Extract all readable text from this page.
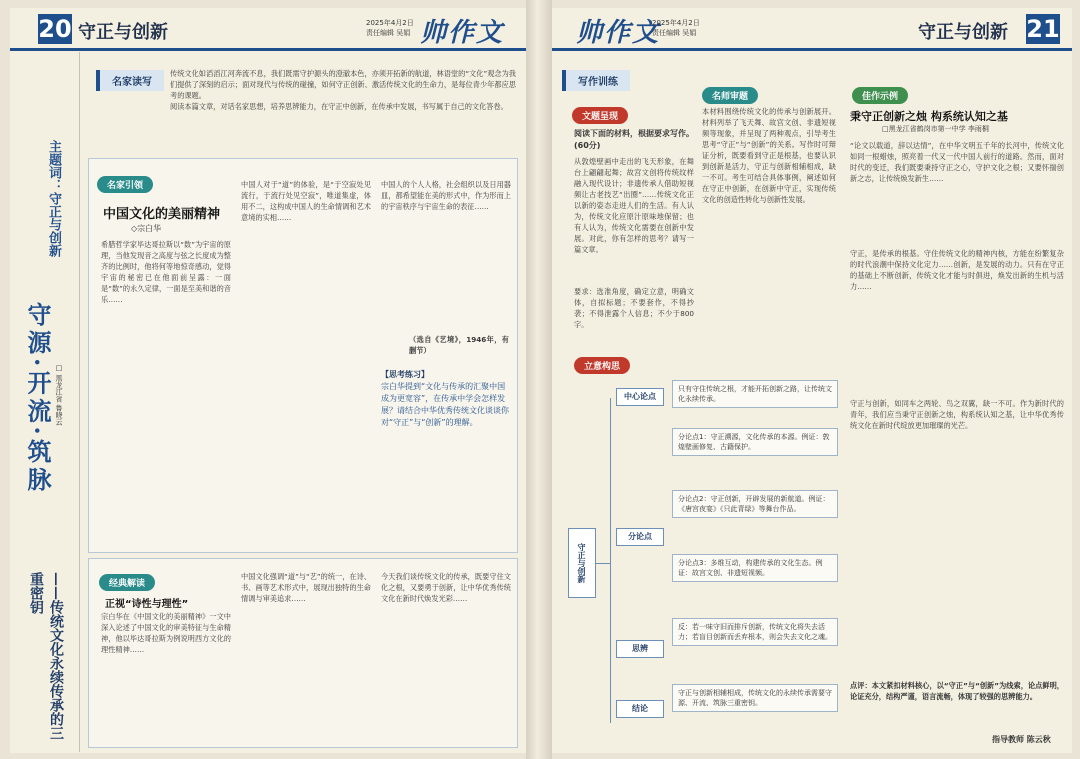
20 守正与创新	2025年4月2日
责任编辑 吴娟 帅作文
主题词：守正与创新
守源·开流·筑脉 □ 黑龙江省 鲁晓云
——传统文化永续传承的三重密钥
名家读写

传统文化如滔滔江河奔流不息，我们既需守护源头的澄澈本色，亦须开拓新的航道，林语堂的“文化”观念为我们提供了深刻的启示；面对现代与传统的碰撞，如何守正创新、激活传统文化的生命力，是每位青少年都应思考的课题。

阅读本篇文章，对话名家思想，培养思辨能力，在守正中创新，在传承中发展，书写属于自己的文化答卷。

名家引领
中国文化的美丽精神
◇宗白华
希腊哲学家毕达哥拉斯以“数”为宇宙的原理，当他发现音之高度与弦之长度成为整齐的比例时，他将何等地惊奇感动，觉得宇宙的秘密已在他面前呈露：一面是“数”的永久定律，一面是至美和谐的音乐……
中国人对于“道”的体验，是“于空寂处见流行，于流行处见空寂”，唯道集虚，体用不二，这构成中国人的生命情调和艺术意境的实相……
中国人的个人人格，社会组织以及日用器皿，都希望能在美的形式中，作为形而上的宇宙秩序与宇宙生命的表征……
（选自《艺境》，1946年，有删节）
【思考练习】
宗白华提到“文化与传承的汇聚中国成为更宽容”，在传承中学会怎样发展？请结合中华优秀传统文化谈谈你对“守正”与“创新”的理解。
经典解读
正视“诗性与理性”
宗白华在《中国文化的美丽精神》一文中深入论述了中国文化的审美特征与生命精神，他以毕达哥拉斯为例说明西方文化的理性精神……
中国文化强调“道”与“艺”的统一，在诗、书、画等艺术形式中，展现出独特的生命情调与审美追求……
今天我们谈传统文化的传承，既要守住文化之根，又要勇于创新，让中华优秀传统文化在新时代焕发光彩……
帅作文
2025年4月2日
责任编辑 吴娟	守正与创新 21
写作训练
文题呈现
阅读下面的材料，根据要求写作。(60分)
从敦煌壁画中走出的飞天形象，在舞台上翩翩起舞；故宫文创将传统纹样融入现代设计；非遗传承人借助短视频让古老技艺“出圈”……传统文化正以新的姿态走进人们的生活。有人认为，传统文化应原汁原味地保留；也有人认为，传统文化需要在创新中发展。对此，你有怎样的思考？请写一篇文章。
要求：选准角度，确定立意，明确文体，自拟标题；不要套作，不得抄袭；不得泄露个人信息；不少于800字。
名师审题
本材料围绕传统文化的传承与创新展开。材料列举了飞天舞、故宫文创、非遗短视频等现象，并呈现了两种观点，引导考生思考“守正”与“创新”的关系。写作时可辩证分析，既要看到守正是根基，也要认识到创新是活力，守正与创新相辅相成，缺一不可。考生可结合具体事例，阐述如何在守正中创新，在创新中守正，实现传统文化的创造性转化与创新性发展。
立意构思
守正与创新
中心论点
只有守住传统之根，才能开拓创新之路，让传统文化永续传承。
分论点
分论点1：守正溯源，文化传承的本源。例证：敦煌壁画修复、古籍保护。
分论点2：守正创新，开辟发展的新航道。例证：《唐宫夜宴》《只此青绿》等舞台作品。
分论点3：多维互动，构建传承的文化生态。例证：故宫文创、非遗短视频。
思辨
反：若一味守旧而排斥创新，传统文化将失去活力；若盲目创新而丢弃根本，则会失去文化之魂。
结论
守正与创新相辅相成，传统文化的永续传承需要守源、开流、筑脉三重密钥。
佳作示例
秉守正创新之烛 构系统认知之基
□黑龙江省鹤岗市第一中学 李雨桐
“论文以载道，辞以达情”，在中华文明五千年的长河中，传统文化如同一根蜡烛，照亮着一代又一代中国人前行的道路。然而，面对时代的变迁，我们既要秉持守正之心，守护文化之根；又要怀揣创新之志，让传统焕发新生……
守正，是传承的根基。守住传统文化的精神内核，方能在纷繁复杂的时代浪潮中保持文化定力……创新，是发展的动力。只有在守正的基础上不断创新，传统文化才能与时俱进，焕发出新的生机与活力……
守正与创新，如同车之两轮、鸟之双翼，缺一不可。作为新时代的青年，我们应当秉守正创新之烛，构系统认知之基，让中华优秀传统文化在新时代绽放更加璀璨的光芒。
点评：本文紧扣材料核心，以“守正”与“创新”为线索，论点鲜明，论证充分，结构严谨，语言流畅，体现了较强的思辨能力。
指导教师 陈云秋
